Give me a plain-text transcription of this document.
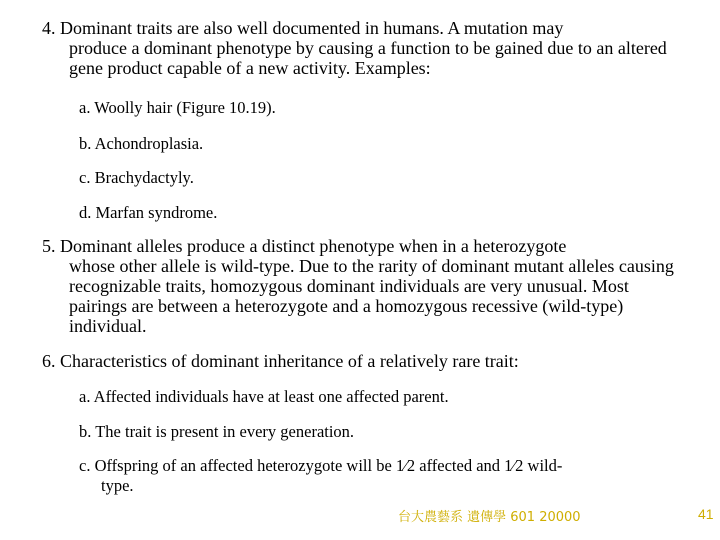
4. Dominant traits are also well documented in humans. A mutation may
produce a dominant phenotype by causing a function to be gained due to an altered gene product capable of a new activity. Examples:
a. Woolly hair (Figure 10.19).
b. Achondroplasia.
c. Brachydactyly.
d. Marfan syndrome.
5. Dominant alleles produce a distinct phenotype when in a heterozygote
whose other allele is wild-type. Due to the rarity of dominant mutant alleles causing recognizable traits, homozygous dominant individuals are very unusual. Most pairings are between a heterozygote and a homozygous recessive (wild-type) individual.
6. Characteristics of dominant inheritance of a relatively rare trait:
a. Affected individuals have at least one affected parent.
b. The trait is present in every generation.
c. Offspring of an affected heterozygote will be 1⁄2 affected and 1⁄2 wild-
type.
台大農藝系 遺傳學 601 20000	41
